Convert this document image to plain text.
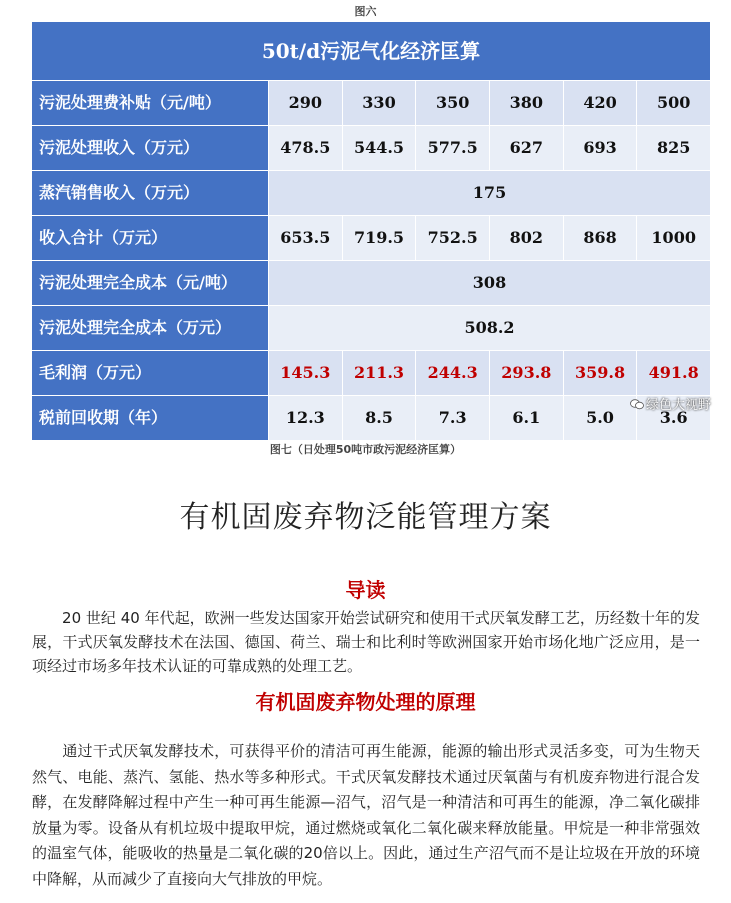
图六
50t/d污泥气化经济匡算
污泥处理费补贴（元/吨）	290	330	350	380	420	500
污泥处理收入（万元）	478.5	544.5	577.5	627	693	825
蒸汽销售收入（万元）	175
收入合计（万元）	653.5	719.5	752.5	802	868	1000
污泥处理完全成本（元/吨）	308
污泥处理完全成本（万元）	508.2
毛利润（万元）	145.3	211.3	244.3	293.8	359.8	491.8
税前回收期（年）	12.3	8.5	7.3	6.1	5.0	3.6
绿色大视野
图七（日处理50吨市政污泥经济匡算）
有机固废弃物泛能管理方案
导读
　　20 世纪 40 年代起，欧洲一些发达国家开始尝试研究和使用干式厌氧发酵工艺，历经数十年的发展，干式厌氧发酵技术在法国、德国、荷兰、瑞士和比利时等欧洲国家开始市场化地广泛应用，是一项经过市场多年技术认证的可靠成熟的处理工艺。
有机固废弃物处理的原理
　　通过干式厌氧发酵技术，可获得平价的清洁可再生能源，能源的输出形式灵活多变，可为生物天然气、电能、蒸汽、氢能、热水等多种形式。干式厌氧发酵技术通过厌氧菌与有机废弃物进行混合发酵，在发酵降解过程中产生一种可再生能源—沼气，沼气是一种清洁和可再生的能源，净二氧化碳排放量为零。设备从有机垃圾中提取甲烷，通过燃烧或氧化二氧化碳来释放能量。甲烷是一种非常强效的温室气体，能吸收的热量是二氧化碳的20倍以上。因此，通过生产沼气而不是让垃圾在开放的环境中降解，从而减少了直接向大气排放的甲烷。
